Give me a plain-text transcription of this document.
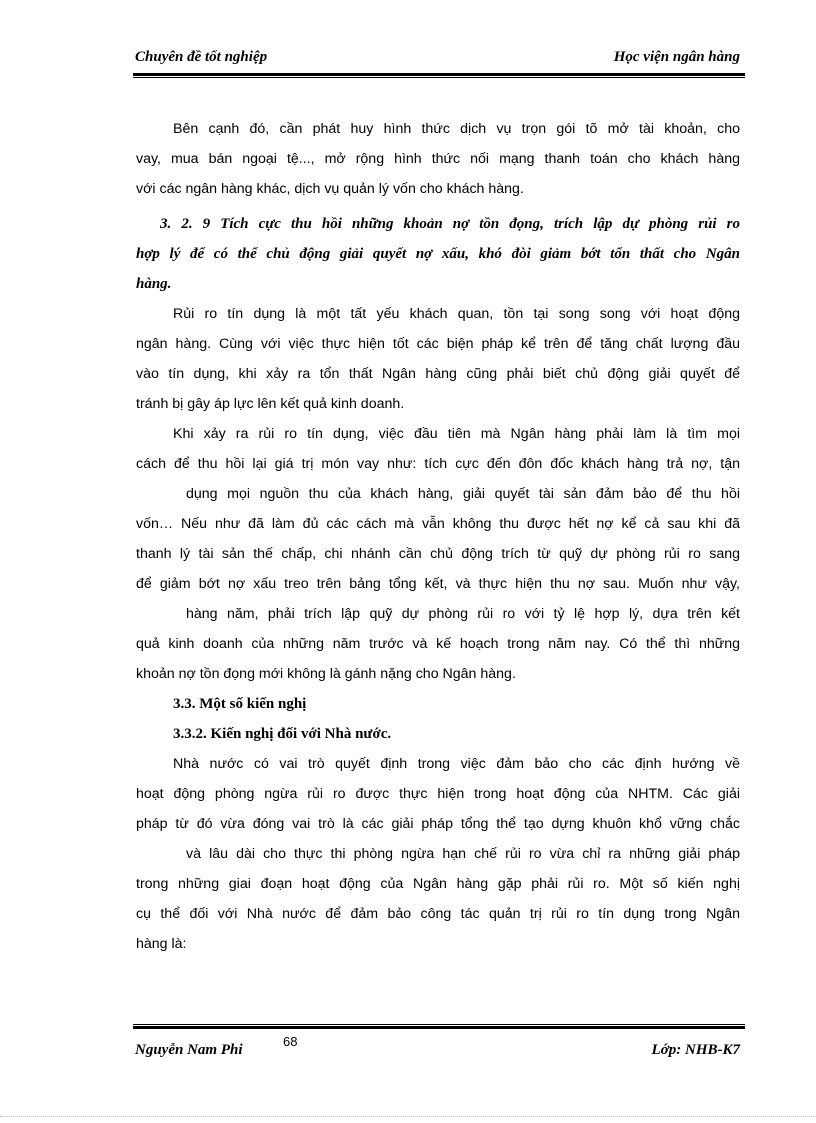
Chuyên đề tốt nghiệp	Học viện ngân hàng
Bên cạnh đó, cần phát huy hình thức dịch vụ trọn gói tõ mở tài khoản, cho
vay, mua bán ngoại tệ..., mở rộng hình thức nối mạng thanh toán cho khách hàng
với các ngân hàng khác, dịch vụ quản lý vốn cho khách hàng.
3. 2. 9 Tích cực thu hồi những khoản nợ tồn đọng, trích lập dự phòng rủi ro
hợp lý để có thể chủ động giải quyết nợ xấu, khó đòi giảm bớt tổn thất cho Ngân
hàng.
Rủi ro tín dụng là một tất yếu khách quan, tồn tại song song với hoạt động
ngân hàng. Cùng với việc thực hiện tốt các biện pháp kể trên để tăng chất lượng đầu
vào tín dụng, khi xảy ra tổn thất Ngân hàng cũng phải biết chủ động giải quyết để
tránh bị gây áp lực lên kết quả kinh doanh.
Khi xảy ra rủi ro tín dụng, việc đầu tiên mà Ngân hàng phải làm là tìm mọi
cách để thu hồi lại giá trị món vay như: tích cực đến đôn đốc khách hàng trả nợ, tận
dụng mọi nguồn thu của khách hàng, giải quyết tài sản đảm bảo để thu hồi
vốn… Nếu như đã làm đủ các cách mà vẫn không thu được hết nợ kể cả sau khi đã
thanh lý tài sản thế chấp, chi nhánh cần chủ động trích từ quỹ dự phòng rủi ro sang
để giảm bớt nợ xấu treo trên bảng tổng kết, và thực hiện thu nợ sau. Muốn như vậy,
hàng năm, phải trích lập quỹ dự phòng rủi ro với tỷ lệ hợp lý, dựa trên kết
quả kinh doanh của những năm trước và kế hoạch trong năm nay. Có thể thì những
khoản nợ tồn đọng mới không là gánh nặng cho Ngân hàng.
3.3. Một số kiến nghị
3.3.2. Kiến nghị đối với Nhà nước.
Nhà nước có vai trò quyết định trong việc đảm bảo cho các định hướng về
hoạt động phòng ngừa rủi ro được thực hiện trong hoạt động của NHTM. Các giải
pháp từ đó vừa đóng vai trò là các giải pháp tổng thể tạo dựng khuôn khổ vững chắc
và lâu dài cho thực thi phòng ngừa hạn chế rủi ro vừa chỉ ra những giải pháp
trong những giai đoạn hoạt động của Ngân hàng gặp phải rủi ro. Một số kiến nghị
cụ thể đối với Nhà nước để đảm bảo công tác quản trị rủi ro tín dụng trong Ngân
hàng là:
Nguyễn Nam Phi
68
Lớp: NHB-K7
